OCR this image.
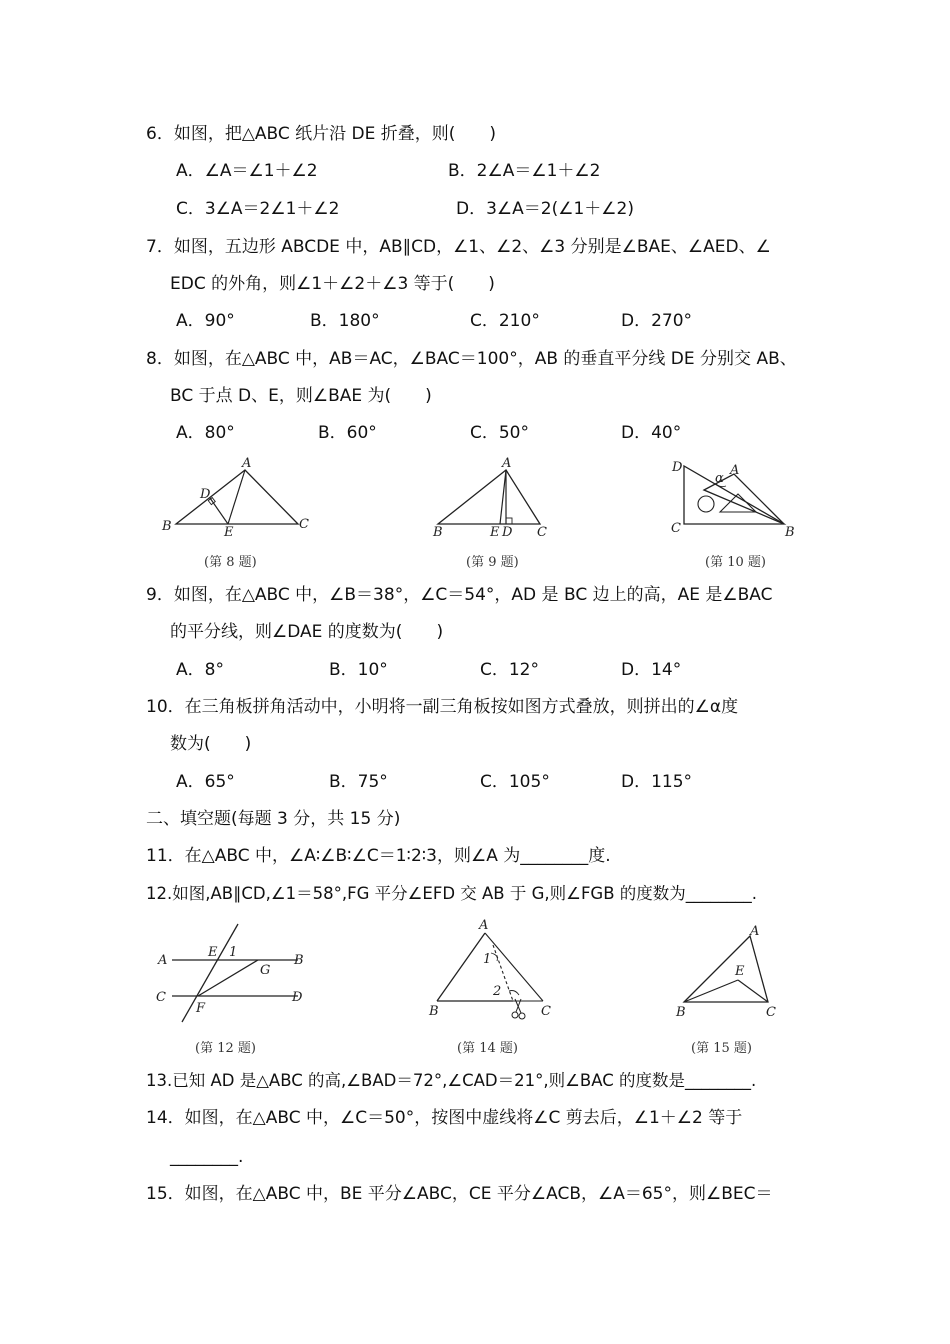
6．如图，把△ABC 纸片沿 DE 折叠，则(　　)
A．∠A＝∠1＋∠2	B．2∠A＝∠1＋∠2
C．3∠A＝2∠1＋∠2	D．3∠A＝2(∠1＋∠2)
7．如图，五边形 ABCDE 中，AB∥CD，∠1、∠2、∠3 分别是∠BAE、∠AED、∠
EDC 的外角，则∠1＋∠2＋∠3 等于(　　)
A．90°	B．180°	C．210°	D．270°
8．如图，在△ABC 中，AB＝AC，∠BAC＝100°，AB 的垂直平分线 DE 分别交 AB、
BC 于点 D、E，则∠BAE 为(　　)
A．80°	B．60°	C．50°	D．40°
A
D
B	E
C
(第 8 题)
A
B	E D C
(第 9 题)
D
α
A
C	B
(第 10 题)
9．如图，在△ABC 中，∠B＝38°，∠C＝54°，AD 是 BC 边上的高，AE 是∠BAC
的平分线，则∠DAE 的度数为(　　)
A．8°	B．10°	C．12°	D．14°
10．在三角板拼角活动中，小明将一副三角板按如图方式叠放，则拼出的∠α度
数为(　　)
A．65°	B．75°	C．105°	D．115°
二、填空题(每题 3 分，共 15 分)
11．在△ABC 中，∠A∶∠B∶∠C＝1∶2∶3，则∠A 为________度.
12.如图,AB∥CD,∠1＝58°,FG 平分∠EFD 交 AB 于 G,则∠FGB 的度数为________.
A
E 1
B
G
C
F
D
(第 12 题)
A
1
2
B	C
(第 14 题)
A
E
B	C
(第 15 题)
13.已知 AD 是△ABC 的高,∠BAD＝72°,∠CAD＝21°,则∠BAC 的度数是________.
14．如图，在△ABC 中，∠C＝50°，按图中虚线将∠C 剪去后，∠1＋∠2 等于
________.
15．如图，在△ABC 中，BE 平分∠ABC，CE 平分∠ACB，∠A＝65°，则∠BEC＝
